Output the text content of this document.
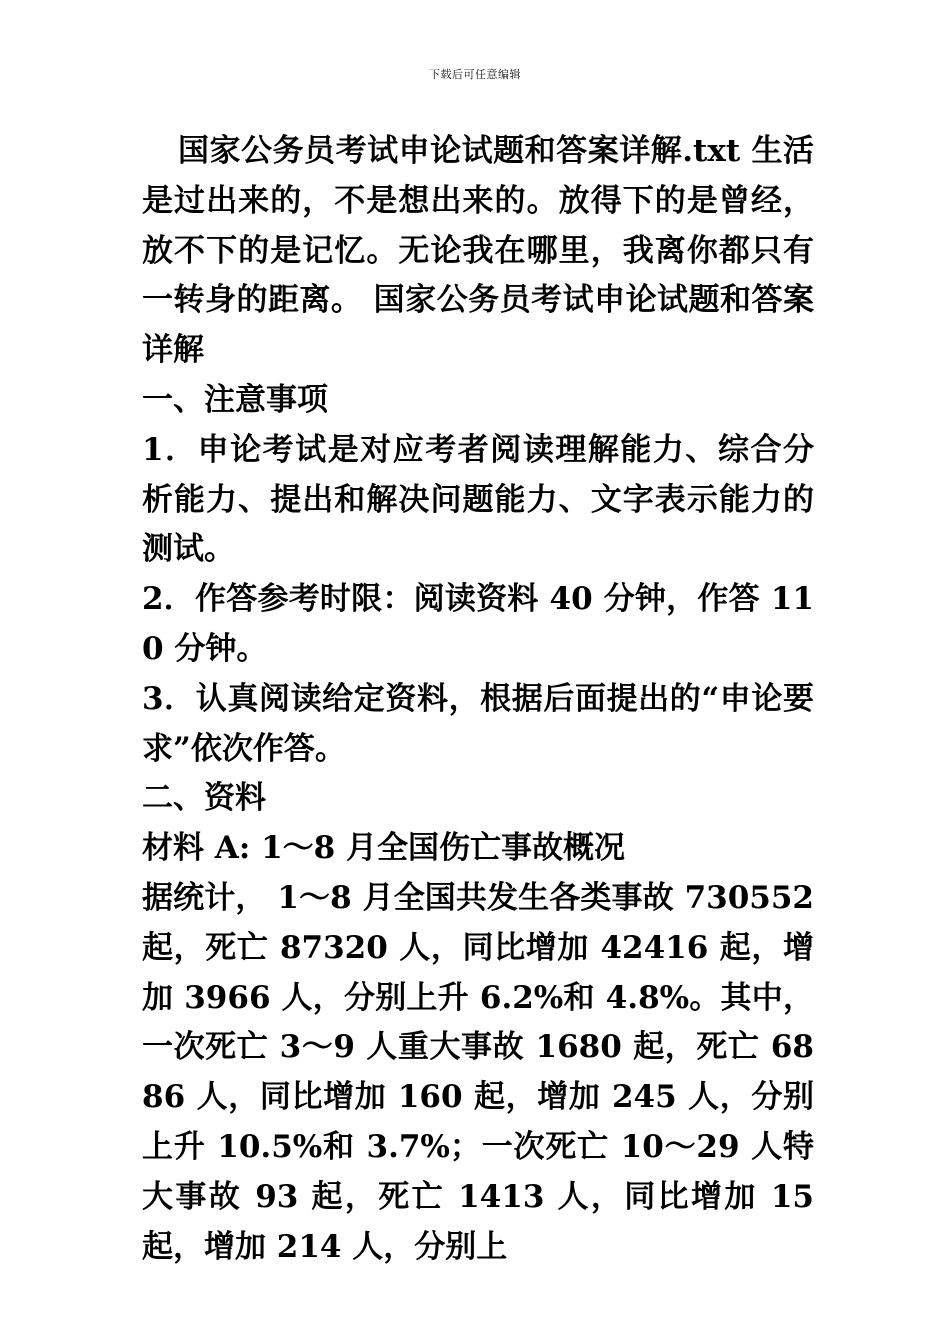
下载后可任意编辑

国家公务员考试申论试题和答案详解.txt 生活是过出来的，不是想出来的。放得下的是曾经，放不下的是记忆。无论我在哪里，我离你都只有一转身的距离。 国家公务员考试申论试题和答案详解

一、注意事项

1．申论考试是对应考者阅读理解能力、综合分析能力、提出和解决问题能力、文字表示能力的测试。

2．作答参考时限：阅读资料 40 分钟，作答 110 分钟。

3．认真阅读给定资料，根据后面提出的“申论要求”依次作答。

二、资料

材料 A: 1～8 月全国伤亡事故概况

据统计， 1～8 月全国共发生各类事故 730552 起，死亡 87320 人，同比增加 42416 起，增加 3966 人，分别上升 6.2%和 4.8%。其中，一次死亡 3～9 人重大事故 1680 起，死亡 6886 人，同比增加 160 起，增加 245 人，分别上升 10.5%和 3.7%；一次死亡 10～29 人特大事故 93 起，死亡 1413 人，同比增加 15 起，增加 214 人，分别上
